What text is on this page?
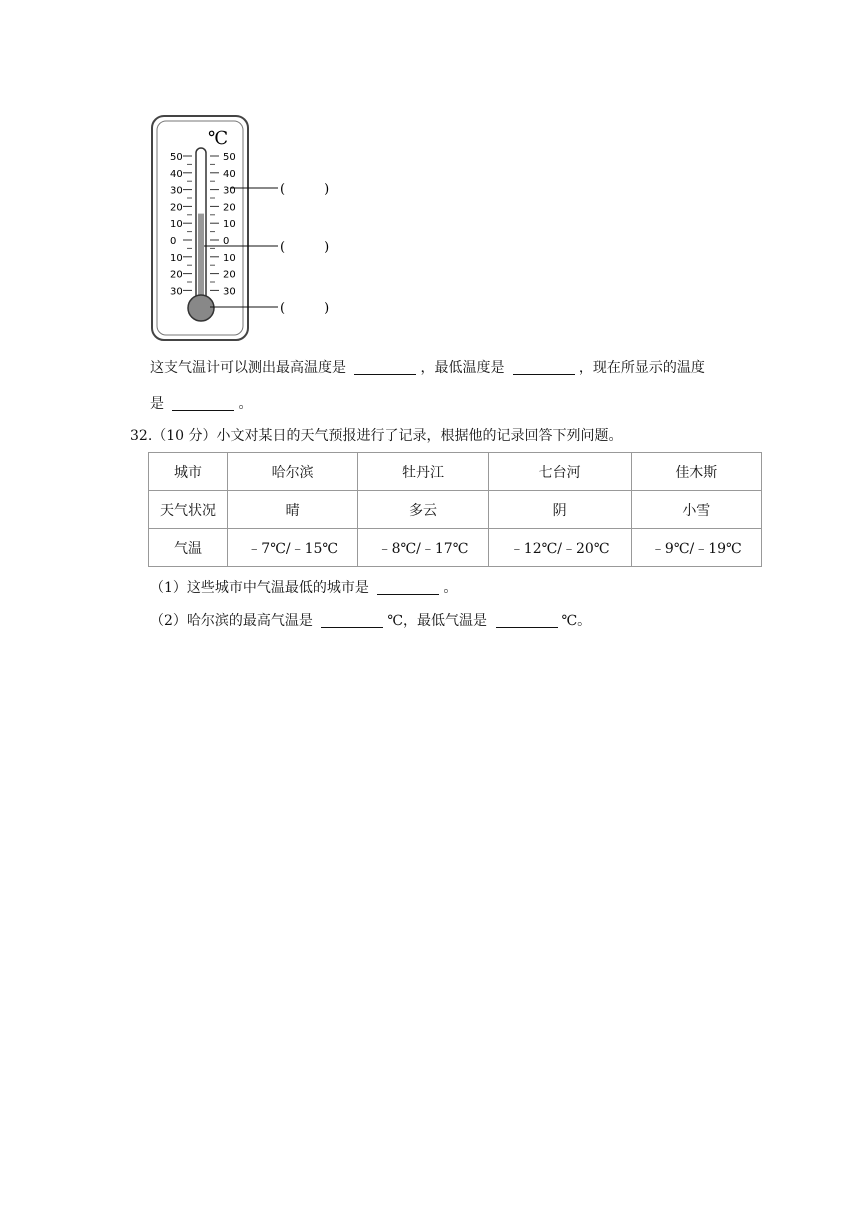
℃
50
40
30
20
10
0
10
20
30
50
40
30
20
10
0
10
20
30
(　　　)
(　　　)
(　　　)
这支气温计可以测出最高温度是	，最低温度是	，现在所显示的温度
是	。
32.（10 分）小文对某日的天气预报进行了记录，根据他的记录回答下列问题。
城市	哈尔滨	牡丹江	七台河	佳木斯
天气状况	晴	多云	阴	小雪
气温	﹣7℃/﹣15℃	﹣8℃/﹣17℃	﹣12℃/﹣20℃	﹣9℃/﹣19℃
（1）这些城市中气温最低的城市是	。
（2）哈尔滨的最高气温是	℃，最低气温是	℃。
